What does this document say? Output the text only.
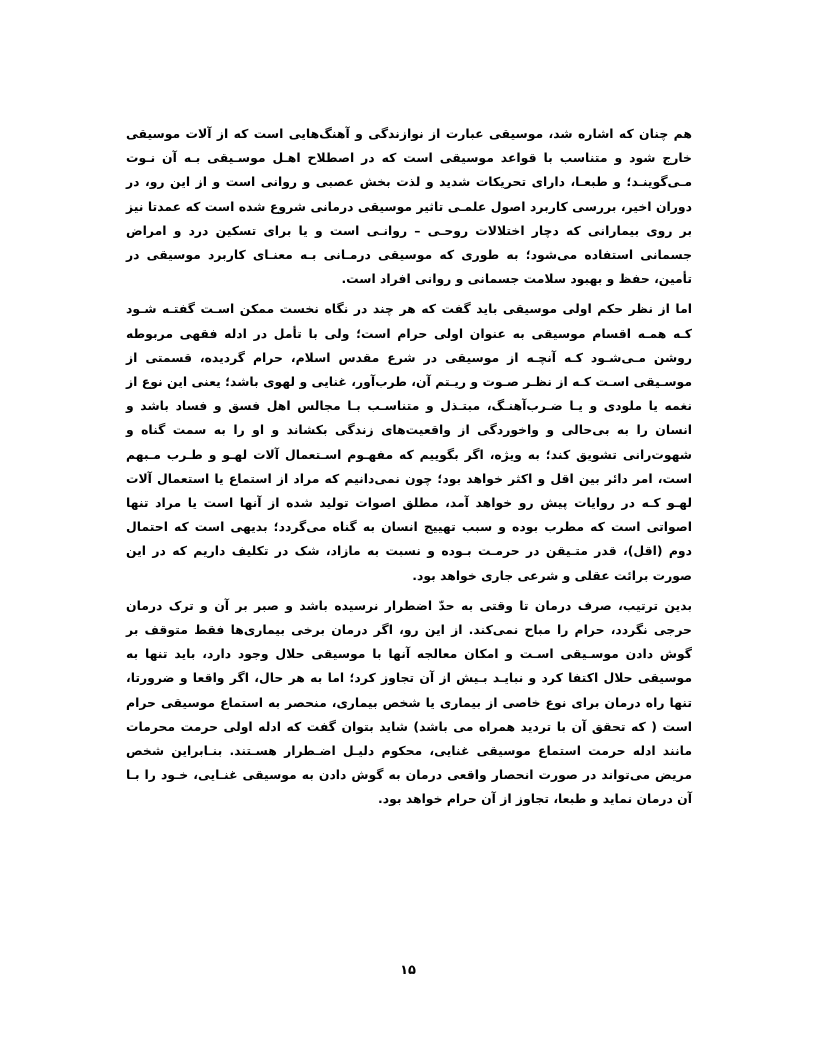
هم چنان که اشاره شد، موسیقی عبارت از نوازندگی و آهنگ‌هایی است که از آلات موسیقی خارج شود و متناسب با قواعد موسیقی است که در اصطلاح اهـل موسـیقی بـه آن نـوت مـی‌گوینـد؛ و طبعـا، دارای تحریکات شدید و لذت بخش عصبی و روانی است و از این رو، در دوران اخیر، بررسی کاربرد اصول علمـی تاثیر موسیقی درمانی شروع شده است که عمدتا نیز بر روی بیمارانی که دچار اختلالات روحـی – روانـی است و یا برای تسکین درد و امراض جسمانی استفاده می‌شود؛ به طوری که موسیقی درمـانی بـه معنـای کاربرد موسیقی در تأمین، حفظ و بهبود سلامت جسمانی و روانی افراد است.

اما از نظر حکم اولی موسیقی باید گفت که هر چند در نگاه نخست ممکن اسـت گفتـه شـود کـه همـه اقسام موسیقی به عنوان اولی حرام است؛ ولی با تأمل در ادله فقهی مربوطه روشن مـی‌شـود کـه آنچـه از موسیقی در شرع مقدس اسلام، حرام گردیده، قسمتی از موسـیقی اسـت کـه از نظـر صـوت و ریـتم آن، طرب‌آور، غنایی و لهوی باشد؛ یعنی این نوع از نغمه یا ملودی و یـا ضـرب‌آهنـگ، مبتـذل و متناسـب بـا مجالس اهل فسق و فساد باشد و انسان را به بی‌حالی و واخوردگی از واقعیت‌های زندگی بکشاند و او را به سمت گناه و شهوت‌رانی تشویق کند؛ به ویژه، اگر بگوییم که مفهـوم اسـتعمال آلات لهـو و طـرب مـبهم است، امر دائر بین اقل و اکثر خواهد بود؛ چون نمی‌دانیم که مراد از استماع یا استعمال آلات لهـو کـه در روایات پیش رو خواهد آمد، مطلق اصوات تولید شده از آنها است یا مراد تنها اصواتی است که مطرب بوده و سبب تهییج انسان به گناه می‌گردد؛ بدیهی است که احتمال دوم (اقل)، قدر متـیقن در حرمـت بـوده و نسبت به مازاد، شک در تکلیف داریم که در این صورت برائت عقلی و شرعی جاری خواهد بود.

بدین ترتیب، صرف درمان تا وقتی به حدّ اضطرار نرسیده باشد و صبر بر آن و ترک درمان حرجی نگردد، حرام را مباح نمی‌کند. از این رو، اگر درمان برخی بیماری‌ها فقط متوقف بر گوش دادن موسـیقی اسـت و امکان معالجه آنها با موسیقی حلال وجود دارد، باید تنها به موسیقی حلال اکتفا کرد و نبایـد بـیش از آن تجاوز کرد؛ اما به هر حال، اگر واقعا و ضرورتا، تنها راه درمان برای نوع خاصی از بیماری یا شخص بیماری، منحصر به استماع موسیقی حرام است ( که تحقق آن با تردید همراه می باشد) شاید بتوان گفت که ادله اولی حرمت محرمات مانند ادله حرمت استماع موسیقی غنایی، محکوم دلیـل اضـطرار هسـتند. بنـابراین شخص مریض می‌تواند در صورت انحصار واقعی درمان به گوش دادن به موسیقی غنـایی، خـود را بـا آن درمان نماید و طبعا، تجاوز از آن حرام خواهد بود.

۱۵
